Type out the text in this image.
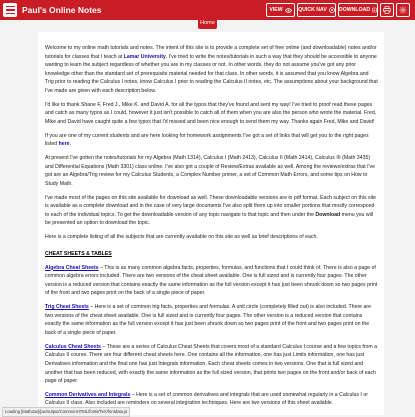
Paul's Online Notes	VIEW	QUICK NAV DOWNLOAD
Home

Welcome to my online math tutorials and notes. The intent of this site is to provide a complete set of free online (and downloadable) notes and/or tutorials for classes that I teach at Lamar University. I've tried to write the notes/tutorials in such a way that they should be accessible to anyone wanting to learn the subject regardless of whether you are in my classes or not. In other words, they do not assume you've got any prior knowledge other than the standard set of prerequisite material needed for that class. In other words, it is assumed that you know Algebra and Trig prior to reading the Calculus I notes, know Calculus I prior to reading the Calculus II notes, etc. The assumptions about your background that I've made are given with each description below.

I'd like to thank Shane F, Fred J., Mike K. and David A. for all the typos that they've found and sent my way! I've tried to proof read these pages and catch as many typos as I could, however it just isn't possible to catch all of them when you are also the person who wrote the material. Fred, Mike and David have caught quite a few typos that I'd missed and been nice enough to send them my way. Thanks again Fred, Mike and David!

If you are one of my current students and are here looking for homework assignments I've got a set of links that will get you to the right pages listed here.

At present I've gotten the notes/tutorials for my Algebra (Math 1314), Calculus I (Math 2413), Calculus II (Math 2414), Calculus III (Math 3435) and Differential Equations (Math 3301) class online. I've also got a couple of Review/Extras available as well. Among the reviews/extras that I've got are an Algebra/Trig review for my Calculus Students, a Complex Number primer, a set of Common Math Errors, and some tips on How to Study Math.

I've made most of the pages on this site available for download as well. These downloadable versions are in pdf format. Each subject on this site is available as a complete download and in the case of very large documents I've also split them up into smaller portions that mostly correspond to each of the individual topics. To get the downloadable version of any topic navigate to that topic and then under the Download menu you will be presented an option to download the topic.

Here is a complete listing of all the subjects that are currently available on this site as well as brief descriptions of each.

CHEAT SHEETS & TABLES

Algebra Cheat Sheets – This is as many common algebra facts, properties, formulas, and functions that I could think of. There is also a page of common algebra errors included. There are two versions of the cheat sheet available. One is full sized and is currently four pages. The other version is a reduced version that contains exactly the same information as the full version except it has just been shrunk down so two pages print of the front and two pages print on the back of a single piece of paper.

Trig Cheat Sheets – Here is a set of common trig facts, properties and formulas. A unit circle (completely filled out) is also included. There are two versions of the cheat sheet available. One is full sized and is currently four pages. The other version is a reduced version that contains exactly the same information as the full version except it has just been shrunk down so two pages print of the front and two pages print on the back of a single piece of paper.

Calculus Cheat Sheets – These are a series of Calculus Cheat Sheets that covers most of a standard Calculus I course and a few topics from a Calculus II course. There are four different cheat sheets here. One contains all the information, one has just Limits information, one has just Derivatives information and the final one has just Integrals information. Each cheat sheets comes in two versions. One that is full sized and another that has been reduced, with exactly the same information as the full sized version, that prints two pages on the front and/or back of each page of paper.

Common Derivatives and Integrals – Here is a set of common derivatives and integrals that are used somewhat regularly in a Calculus I or Calculus II class. Also included are reminders on several integration techniques. Here are two versions of this sheet available.

Loading [MathJax]/jax/output/CommonHTML/fonts/TeX/fontdata.js
